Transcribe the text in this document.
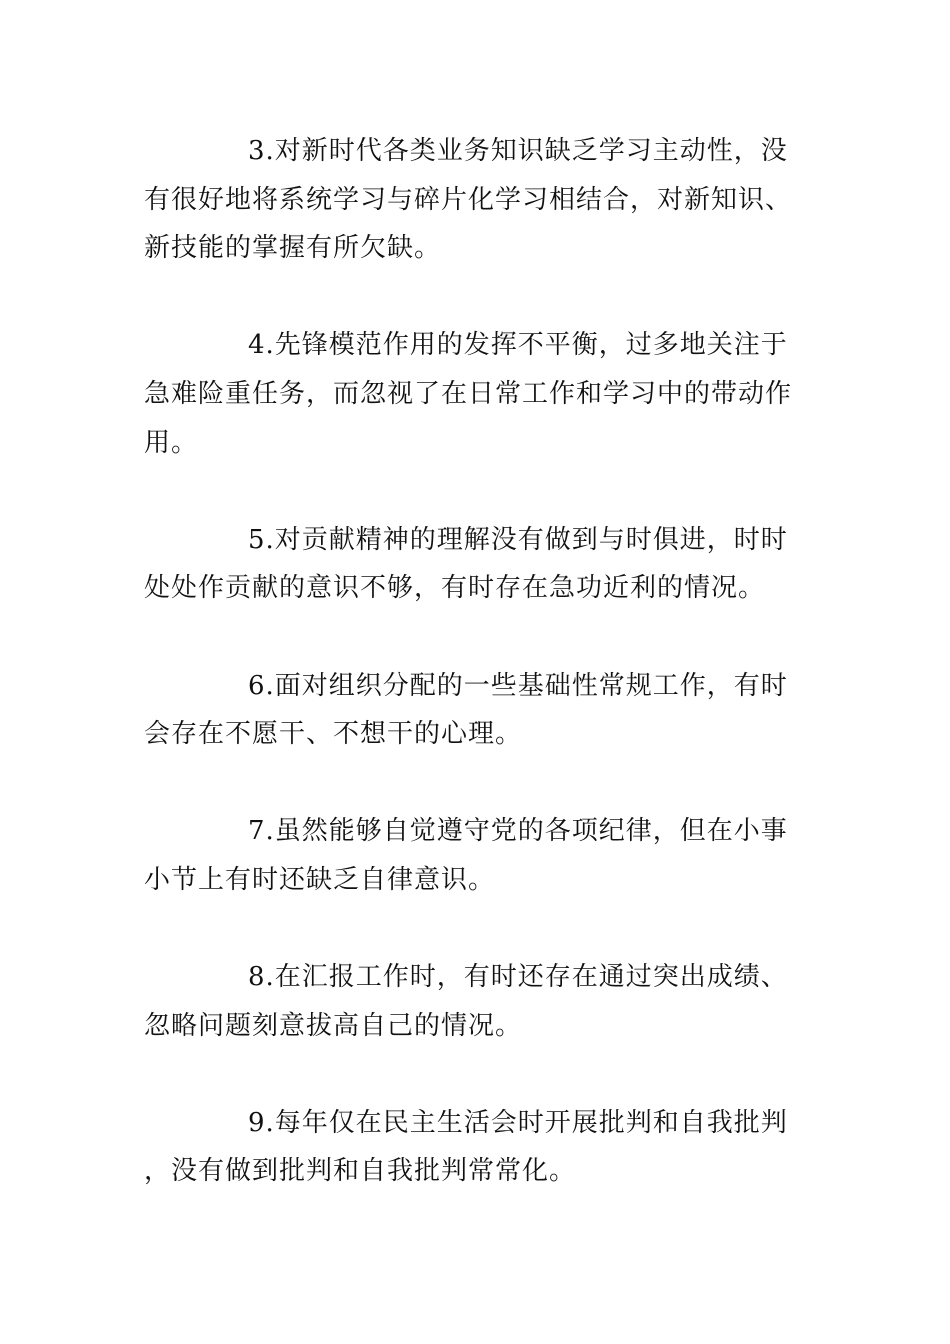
3.对新时代各类业务知识缺乏学习主动性，没有很好地将系统学习与碎片化学习相结合，对新知识、新技能的掌握有所欠缺。

4.先锋模范作用的发挥不平衡，过多地关注于急难险重任务，而忽视了在日常工作和学习中的带动作用。

5.对贡献精神的理解没有做到与时俱进，时时处处作贡献的意识不够，有时存在急功近利的情况。

6.面对组织分配的一些基础性常规工作，有时会存在不愿干、不想干的心理。

7.虽然能够自觉遵守党的各项纪律，但在小事小节上有时还缺乏自律意识。

8.在汇报工作时，有时还存在通过突出成绩、忽略问题刻意拔高自己的情况。

9.每年仅在民主生活会时开展批判和自我批判，没有做到批判和自我批判常常化。
